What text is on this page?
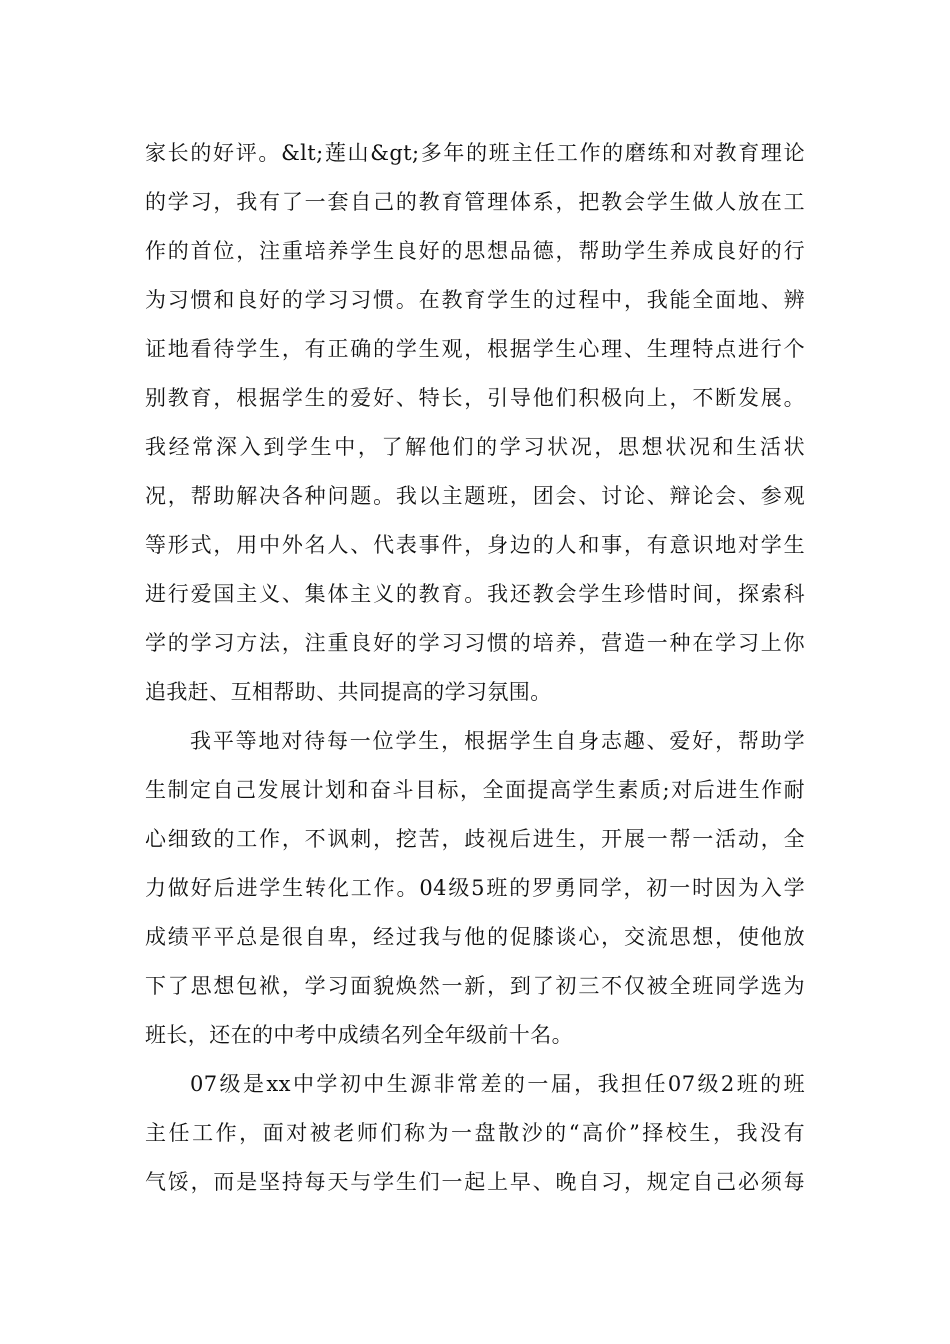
家长的好评。&lt;莲山&gt;多年的班主任工作的磨练和对教育理论
的学习，我有了一套自己的教育管理体系，把教会学生做人放在工
作的首位，注重培养学生良好的思想品德，帮助学生养成良好的行
为习惯和良好的学习习惯。在教育学生的过程中，我能全面地、辨
证地看待学生，有正确的学生观，根据学生心理、生理特点进行个
别教育，根据学生的爱好、特长，引导他们积极向上，不断发展。
我经常深入到学生中，了解他们的学习状况，思想状况和生活状
况，帮助解决各种问题。我以主题班，团会、讨论、辩论会、参观
等形式，用中外名人、代表事件，身边的人和事，有意识地对学生
进行爱国主义、集体主义的教育。我还教会学生珍惜时间，探索科
学的学习方法，注重良好的学习习惯的培养，营造一种在学习上你
追我赶、互相帮助、共同提高的学习氛围。
我平等地对待每一位学生，根据学生自身志趣、爱好，帮助学
生制定自己发展计划和奋斗目标，全面提高学生素质;对后进生作耐
心细致的工作，不讽刺，挖苦，歧视后进生，开展一帮一活动，全
力做好后进学生转化工作。04级5班的罗勇同学，初一时因为入学
成绩平平总是很自卑，经过我与他的促膝谈心，交流思想，使他放
下了思想包袱，学习面貌焕然一新，到了初三不仅被全班同学选为
班长，还在的中考中成绩名列全年级前十名。
07级是xx中学初中生源非常差的一届，我担任07级2班的班
主任工作，面对被老师们称为一盘散沙的“高价”择校生，我没有
气馁，而是坚持每天与学生们一起上早、晚自习，规定自己必须每
